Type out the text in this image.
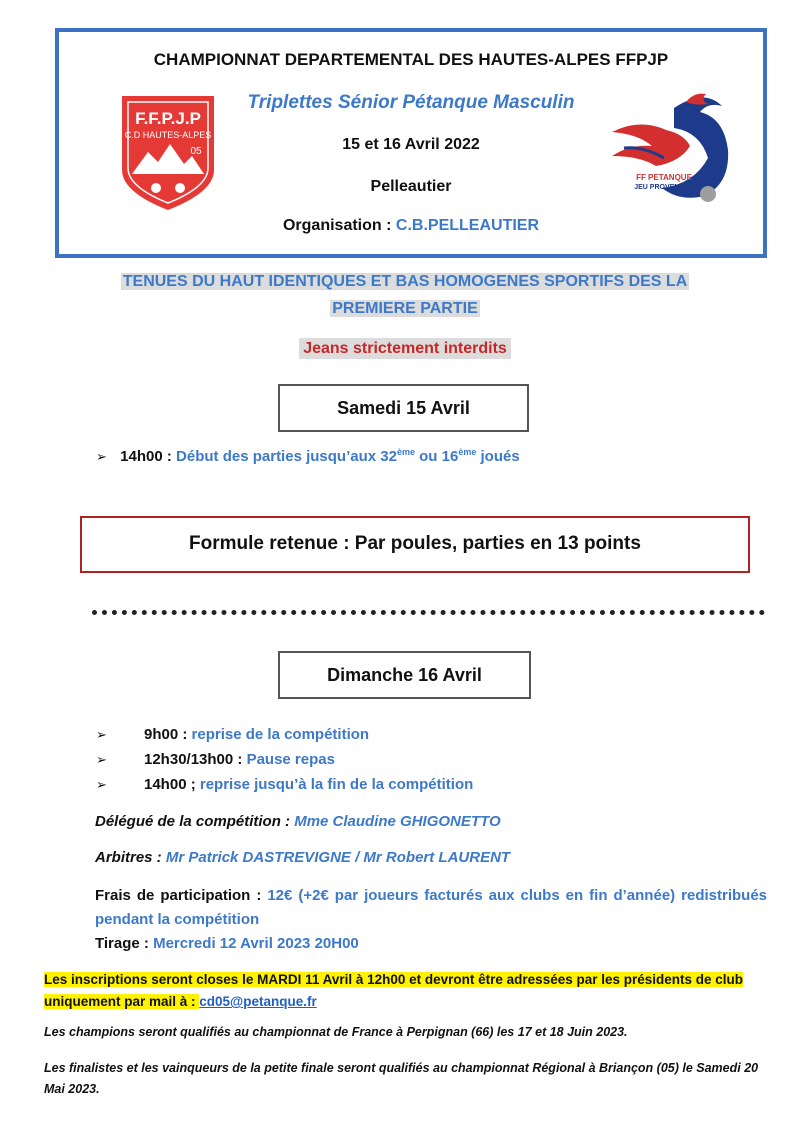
CHAMPIONNAT DEPARTEMENTAL DES HAUTES-ALPES FFPJP
F.F.P.J.P
C.D HAUTES-ALPES
05
Triplettes Sénior Pétanque Masculin
15 et 16 Avril 2022
Pelleautier
Organisation : C.B.PELLEAUTIER
FF PETANQUE
JEU PROVENÇAL
TENUES DU HAUT IDENTIQUES ET BAS HOMOGENES SPORTIFS DES LA
PREMIERE PARTIE
Jeans strictement interdits
Samedi 15 Avril
➢ 14h00 : Début des parties jusqu’aux 32ème ou 16ème joués
Formule retenue : Par poules, parties en 13 points
Dimanche 16 Avril
➢ 9h00 : reprise de la compétition
➢ 12h30/13h00 : Pause repas
➢ 14h00 ; reprise jusqu’à la fin de la compétition
Délégué de la compétition : Mme Claudine GHIGONETTO
Arbitres : Mr Patrick DASTREVIGNE / Mr Robert LAURENT
Frais de participation : 12€ (+2€ par joueurs facturés aux clubs en fin d’année) redistribués pendant la compétition
Tirage : Mercredi 12 Avril 2023 20H00
Les inscriptions seront closes le MARDI 11 Avril à 12h00 et devront être adressées par les présidents de club uniquement par mail à : cd05@petanque.fr
Les champions seront qualifiés au championnat de France à Perpignan (66) les 17 et 18 Juin 2023.
Les finalistes et les vainqueurs de la petite finale seront qualifiés au championnat Régional à Briançon (05) le Samedi 20 Mai 2023.
